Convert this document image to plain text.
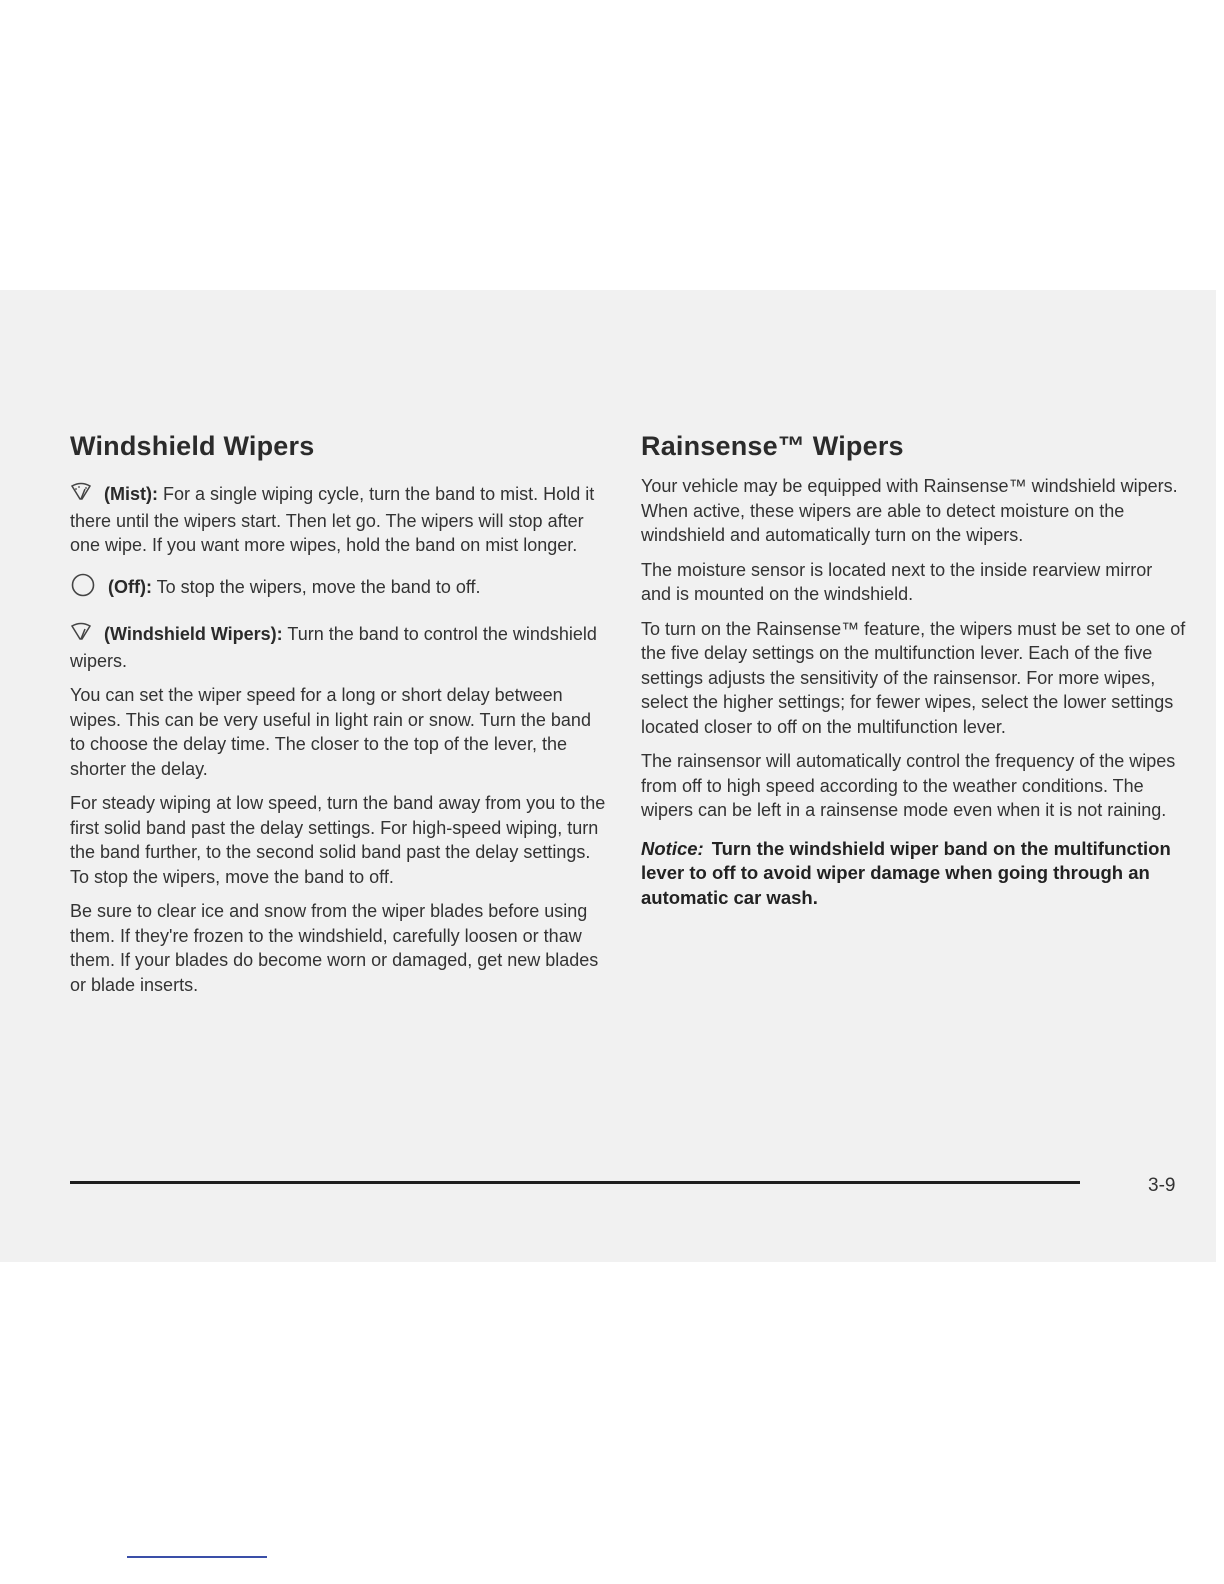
Windshield Wipers

(Mist): For a single wiping cycle, turn the band to mist. Hold it there until the wipers start. Then let go. The wipers will stop after one wipe. If you want more wipes, hold the band on mist longer.

(Off): To stop the wipers, move the band to off.

(Windshield Wipers): Turn the band to control the windshield wipers.

You can set the wiper speed for a long or short delay between wipes. This can be very useful in light rain or snow. Turn the band to choose the delay time. The closer to the top of the lever, the shorter the delay.

For steady wiping at low speed, turn the band away from you to the first solid band past the delay settings. For high-speed wiping, turn the band further, to the second solid band past the delay settings. To stop the wipers, move the band to off.

Be sure to clear ice and snow from the wiper blades before using them. If they're frozen to the windshield, carefully loosen or thaw them. If your blades do become worn or damaged, get new blades or blade inserts.

Rainsense™ Wipers

Your vehicle may be equipped with Rainsense™ windshield wipers. When active, these wipers are able to detect moisture on the windshield and automatically turn on the wipers.

The moisture sensor is located next to the inside rearview mirror and is mounted on the windshield.

To turn on the Rainsense™ feature, the wipers must be set to one of the five delay settings on the multifunction lever. Each of the five settings adjusts the sensitivity of the rainsensor. For more wipes, select the higher settings; for fewer wipes, select the lower settings located closer to off on the multifunction lever.

The rainsensor will automatically control the frequency of the wipes from off to high speed according to the weather conditions. The wipers can be left in a rainsense mode even when it is not raining.

Notice: Turn the windshield wiper band on the multifunction lever to off to avoid wiper damage when going through an automatic car wash.

3-9
